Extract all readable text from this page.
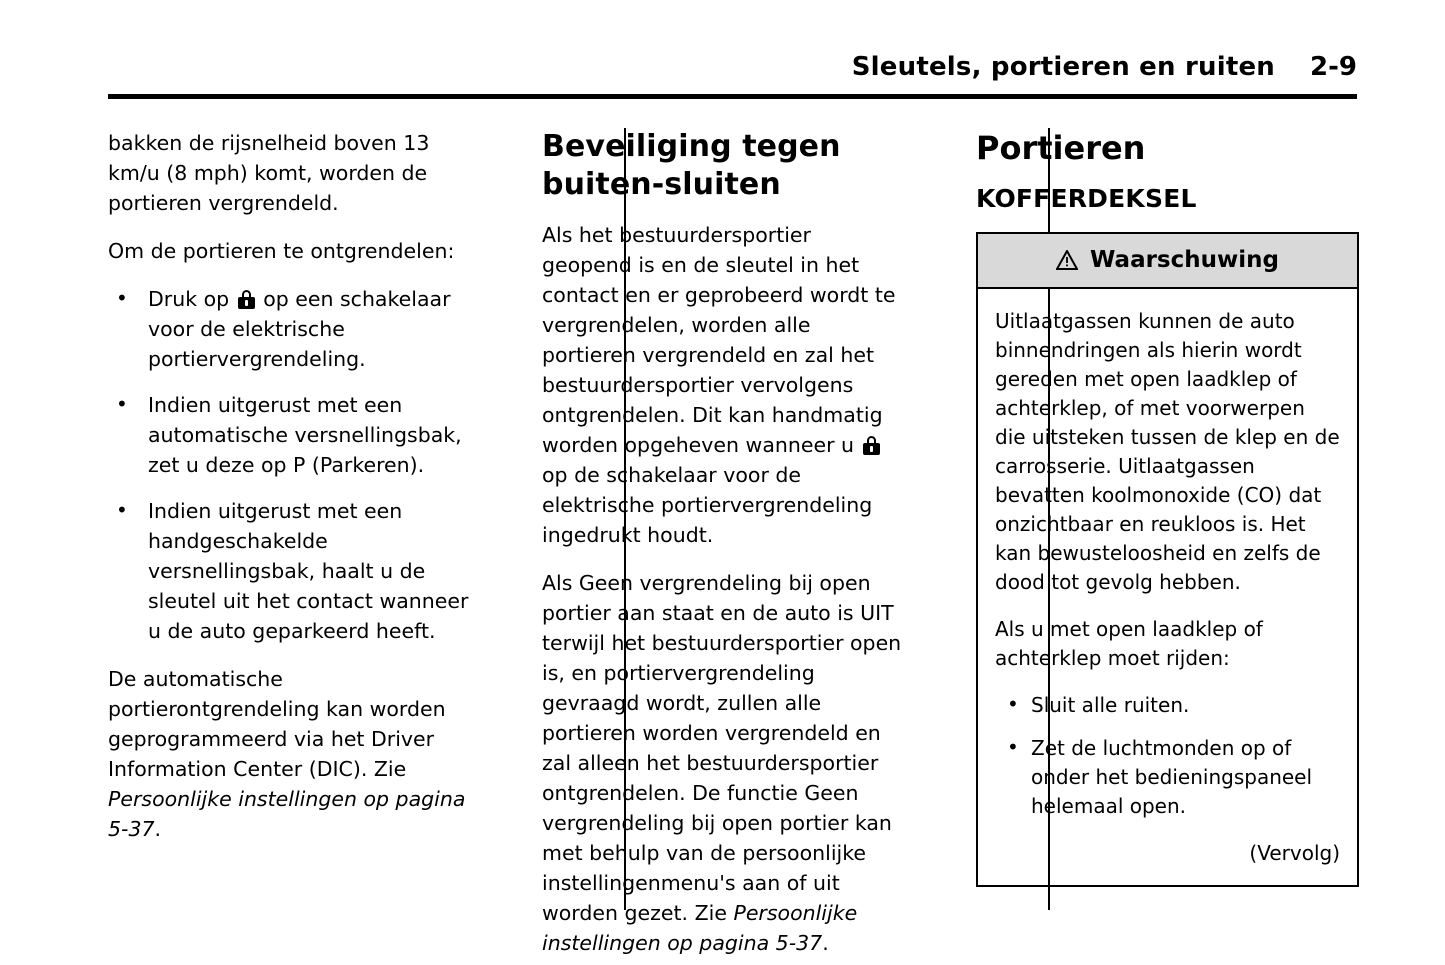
Sleutels, portieren en ruiten 2-9

bakken de rijsnelheid boven 13 km/u (8 mph) komt, worden de portieren vergrendeld.

Om de portieren te ontgrendelen:

• Druk op
op een schakelaar voor de elektrische portiervergrendeling.
• Indien uitgerust met een automatische versnellingsbak, zet u deze op P (Parkeren).
• Indien uitgerust met een handgeschakelde versnellingsbak, haalt u de sleutel uit het contact wanneer u de auto geparkeerd heeft.

De automatische portierontgrendeling kan worden geprogrammeerd via het Driver Information Center (DIC). Zie Persoonlijke instellingen op pagina 5-37.

Beveiliging tegen buiten‐sluiten

Als het bestuurdersportier geopend is en de sleutel in het contact en er geprobeerd wordt te vergrendelen, worden alle portieren vergrendeld en zal het bestuurdersportier vervolgens ontgrendelen. Dit kan handmatig worden opgeheven wanneer u
op de schakelaar voor de elektrische portiervergrendeling ingedrukt houdt.

Als Geen vergrendeling bij open portier aan staat en de auto is UIT terwijl het bestuurdersportier open is, en portiervergrendeling gevraagd wordt, zullen alle portieren worden vergrendeld en zal alleen het bestuurdersportier ontgrendelen. De functie Geen vergrendeling bij open portier kan met behulp van de persoonlijke instellingenmenu's aan of uit worden gezet. Zie Persoonlijke instellingen op pagina 5-37.

Portieren
KOFFERDEKSEL
Waarschuwing

Uitlaatgassen kunnen de auto binnendringen als hierin wordt gereden met open laadklep of achterklep, of met voorwerpen die uitsteken tussen de klep en de carrosserie. Uitlaatgassen bevatten koolmonoxide (CO) dat onzichtbaar en reukloos is. Het kan bewusteloosheid en zelfs de dood tot gevolg hebben.

Als u met open laadklep of achterklep moet rijden:

• Sluit alle ruiten.
• Zet de luchtmonden op of onder het bedieningspaneel helemaal open.
(Vervolg)
